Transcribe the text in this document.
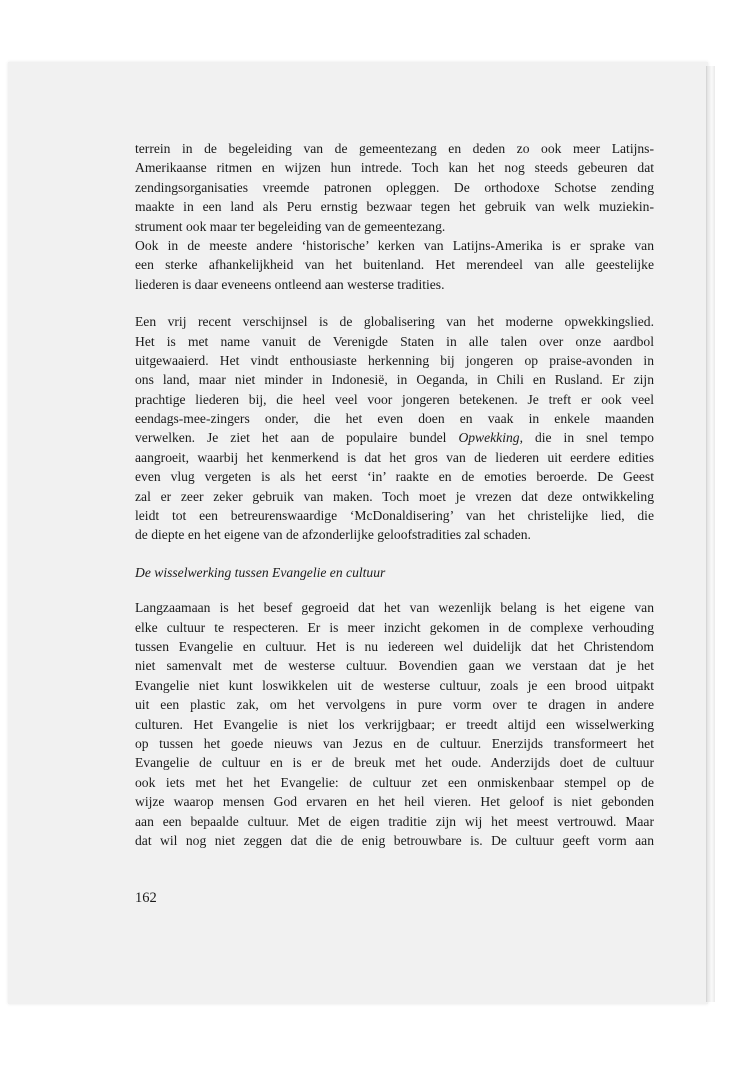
terrein in de begeleiding van de gemeentezang en deden zo ook meer Latijns-
Amerikaanse ritmen en wijzen hun intrede. Toch kan het nog steeds gebeuren dat
zendingsorganisaties vreemde patronen opleggen. De orthodoxe Schotse zending
maakte in een land als Peru ernstig bezwaar tegen het gebruik van welk muziekin-
strument ook maar ter begeleiding van de gemeentezang.
Ook in de meeste andere ‘historische’ kerken van Latijns-Amerika is er sprake van
een sterke afhankelijkheid van het buitenland. Het merendeel van alle geestelijke
liederen is daar eveneens ontleend aan westerse tradities.
Een vrij recent verschijnsel is de globalisering van het moderne opwekkingslied.
Het is met name vanuit de Verenigde Staten in alle talen over onze aardbol
uitgewaaierd. Het vindt enthousiaste herkenning bij jongeren op praise-avonden in
ons land, maar niet minder in Indonesië, in Oeganda, in Chili en Rusland. Er zijn
prachtige liederen bij, die heel veel voor jongeren betekenen. Je treft er ook veel
eendags-mee-zingers onder, die het even doen en vaak in enkele maanden
verwelken. Je ziet het aan de populaire bundel Opwekking, die in snel tempo
aangroeit, waarbij het kenmerkend is dat het gros van de liederen uit eerdere edities
even vlug vergeten is als het eerst ‘in’ raakte en de emoties beroerde. De Geest
zal er zeer zeker gebruik van maken. Toch moet je vrezen dat deze ontwikkeling
leidt tot een betreurenswaardige ‘McDonaldisering’ van het christelijke lied, die
de diepte en het eigene van de afzonderlijke geloofstradities zal schaden.
De wisselwerking tussen Evangelie en cultuur
Langzaamaan is het besef gegroeid dat het van wezenlijk belang is het eigene van
elke cultuur te respecteren. Er is meer inzicht gekomen in de complexe verhouding
tussen Evangelie en cultuur. Het is nu iedereen wel duidelijk dat het Christendom
niet samenvalt met de westerse cultuur. Bovendien gaan we verstaan dat je het
Evangelie niet kunt loswikkelen uit de westerse cultuur, zoals je een brood uitpakt
uit een plastic zak, om het vervolgens in pure vorm over te dragen in andere
culturen. Het Evangelie is niet los verkrijgbaar; er treedt altijd een wisselwerking
op tussen het goede nieuws van Jezus en de cultuur. Enerzijds transformeert het
Evangelie de cultuur en is er de breuk met het oude. Anderzijds doet de cultuur
ook iets met het het Evangelie: de cultuur zet een onmiskenbaar stempel op de
wijze waarop mensen God ervaren en het heil vieren. Het geloof is niet gebonden
aan een bepaalde cultuur. Met de eigen traditie zijn wij het meest vertrouwd. Maar
dat wil nog niet zeggen dat die de enig betrouwbare is. De cultuur geeft vorm aan
162
